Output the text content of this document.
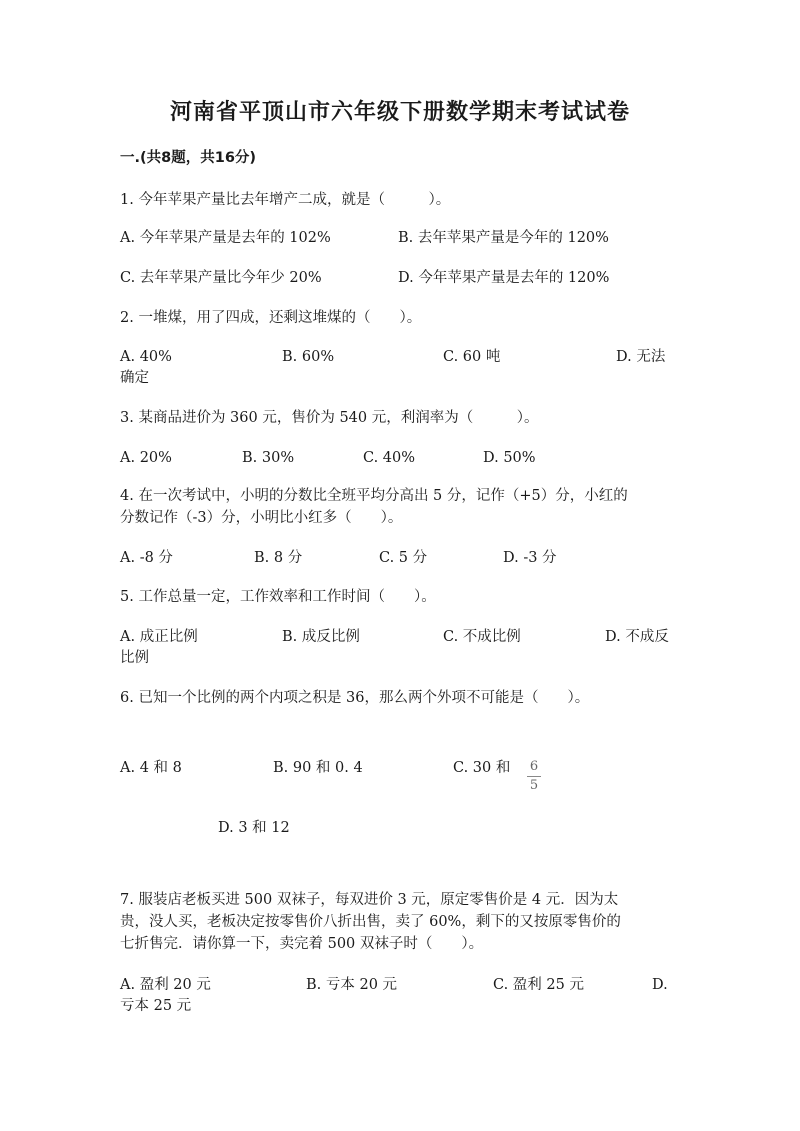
河南省平顶山市六年级下册数学期末考试试卷
一.(共8题，共16分)
1. 今年苹果产量比去年增产二成，就是（　　　）。
A. 今年苹果产量是去年的 102%	B. 去年苹果产量是今年的 120%
C. 去年苹果产量比今年少 20%	D. 今年苹果产量是去年的 120%
2. 一堆煤，用了四成，还剩这堆煤的（　　）。
A. 40%	B. 60%	C. 60 吨	D. 无法
确定
3. 某商品进价为 360 元，售价为 540 元，利润率为（　　　）。
A. 20%	B. 30%	C. 40%	D. 50%
4. 在一次考试中，小明的分数比全班平均分高出 5 分，记作（+5）分，小红的
分数记作（-3）分，小明比小红多（　　）。
A. -8 分	B. 8 分	C. 5 分	D. -3 分
5. 工作总量一定，工作效率和工作时间（　　）。
A. 成正比例	B. 成反比例	C. 不成比例	D. 不成反
比例
6. 已知一个比例的两个内项之积是 36，那么两个外项不可能是（　　）。
A. 4 和 8	B. 90 和 0. 4	C. 30 和 6
5
D. 3 和 12
7. 服装店老板买进 500 双袜子，每双进价 3 元，原定零售价是 4 元．因为太
贵，没人买，老板决定按零售价八折出售，卖了 60%，剩下的又按原零售价的
七折售完．请你算一下，卖完着 500 双袜子时（　　）。
A. 盈利 20 元	B. 亏本 20 元	C. 盈利 25 元	D.
亏本 25 元
